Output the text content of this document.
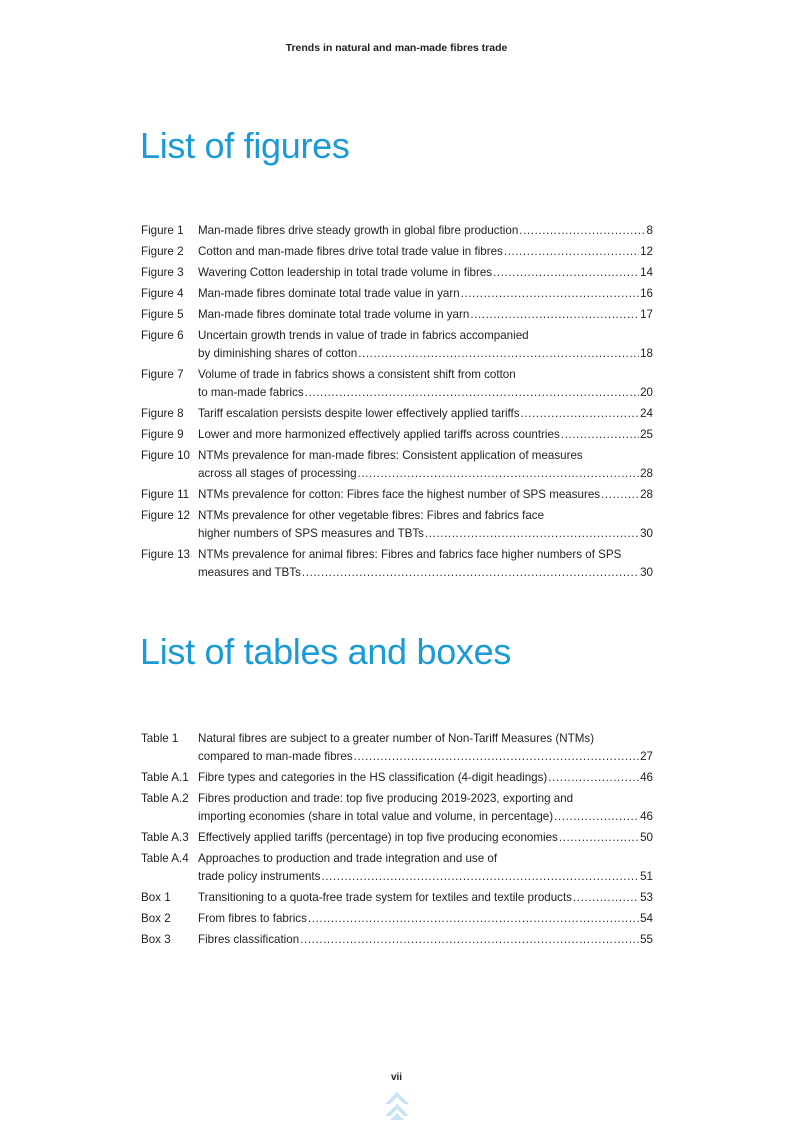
Trends in natural and man-made fibres trade
List of figures
Figure 1	Man-made fibres drive steady growth in global fibre production .....	8
Figure 2	Cotton and man-made fibres drive total trade value in fibres .....	12
Figure 3	Wavering Cotton leadership in total trade volume in fibres .....	14
Figure 4	Man-made fibres dominate total trade value in yarn .....	16
Figure 5	Man-made fibres dominate total trade volume in yarn .....	17
Figure 6	Uncertain growth trends in value of trade in fabrics accompanied
by diminishing shares of cotton .....	18
Figure 7	Volume of trade in fabrics shows a consistent shift from cotton
to man-made fabrics .....	20
Figure 8	Tariff escalation persists despite lower effectively applied tariffs .....	24
Figure 9	Lower and more harmonized effectively applied tariffs across countries .....	25
Figure 10 NTMs prevalence for man-made fibres: Consistent application of measures
across all stages of processing .....	28
Figure 11 NTMs prevalence for cotton: Fibres face the highest number of SPS measures .....	28
Figure 12 NTMs prevalence for other vegetable fibres: Fibres and fabrics face
higher numbers of SPS measures and TBTs .....	30
Figure 13 NTMs prevalence for animal fibres: Fibres and fabrics face higher numbers of SPS
measures and TBTs .....	30
List of tables and boxes
Table 1	Natural fibres are subject to a greater number of Non-Tariff Measures (NTMs)
compared to man-made fibres .....	27
Table A.1 Fibre types and categories in the HS classification (4-digit headings) .....	46
Table A.2 Fibres production and trade: top five producing 2019-2023, exporting and
importing economies (share in total value and volume, in percentage) .....	46
Table A.3 Effectively applied tariffs (percentage) in top five producing economies .....	50
Table A.4 Approaches to production and trade integration and use of
trade policy instruments .....	51
Box 1	Transitioning to a quota-free trade system for textiles and textile products .....	53
Box 2	From fibres to fabrics .....	54
Box 3	Fibres classification .....	55
vii
